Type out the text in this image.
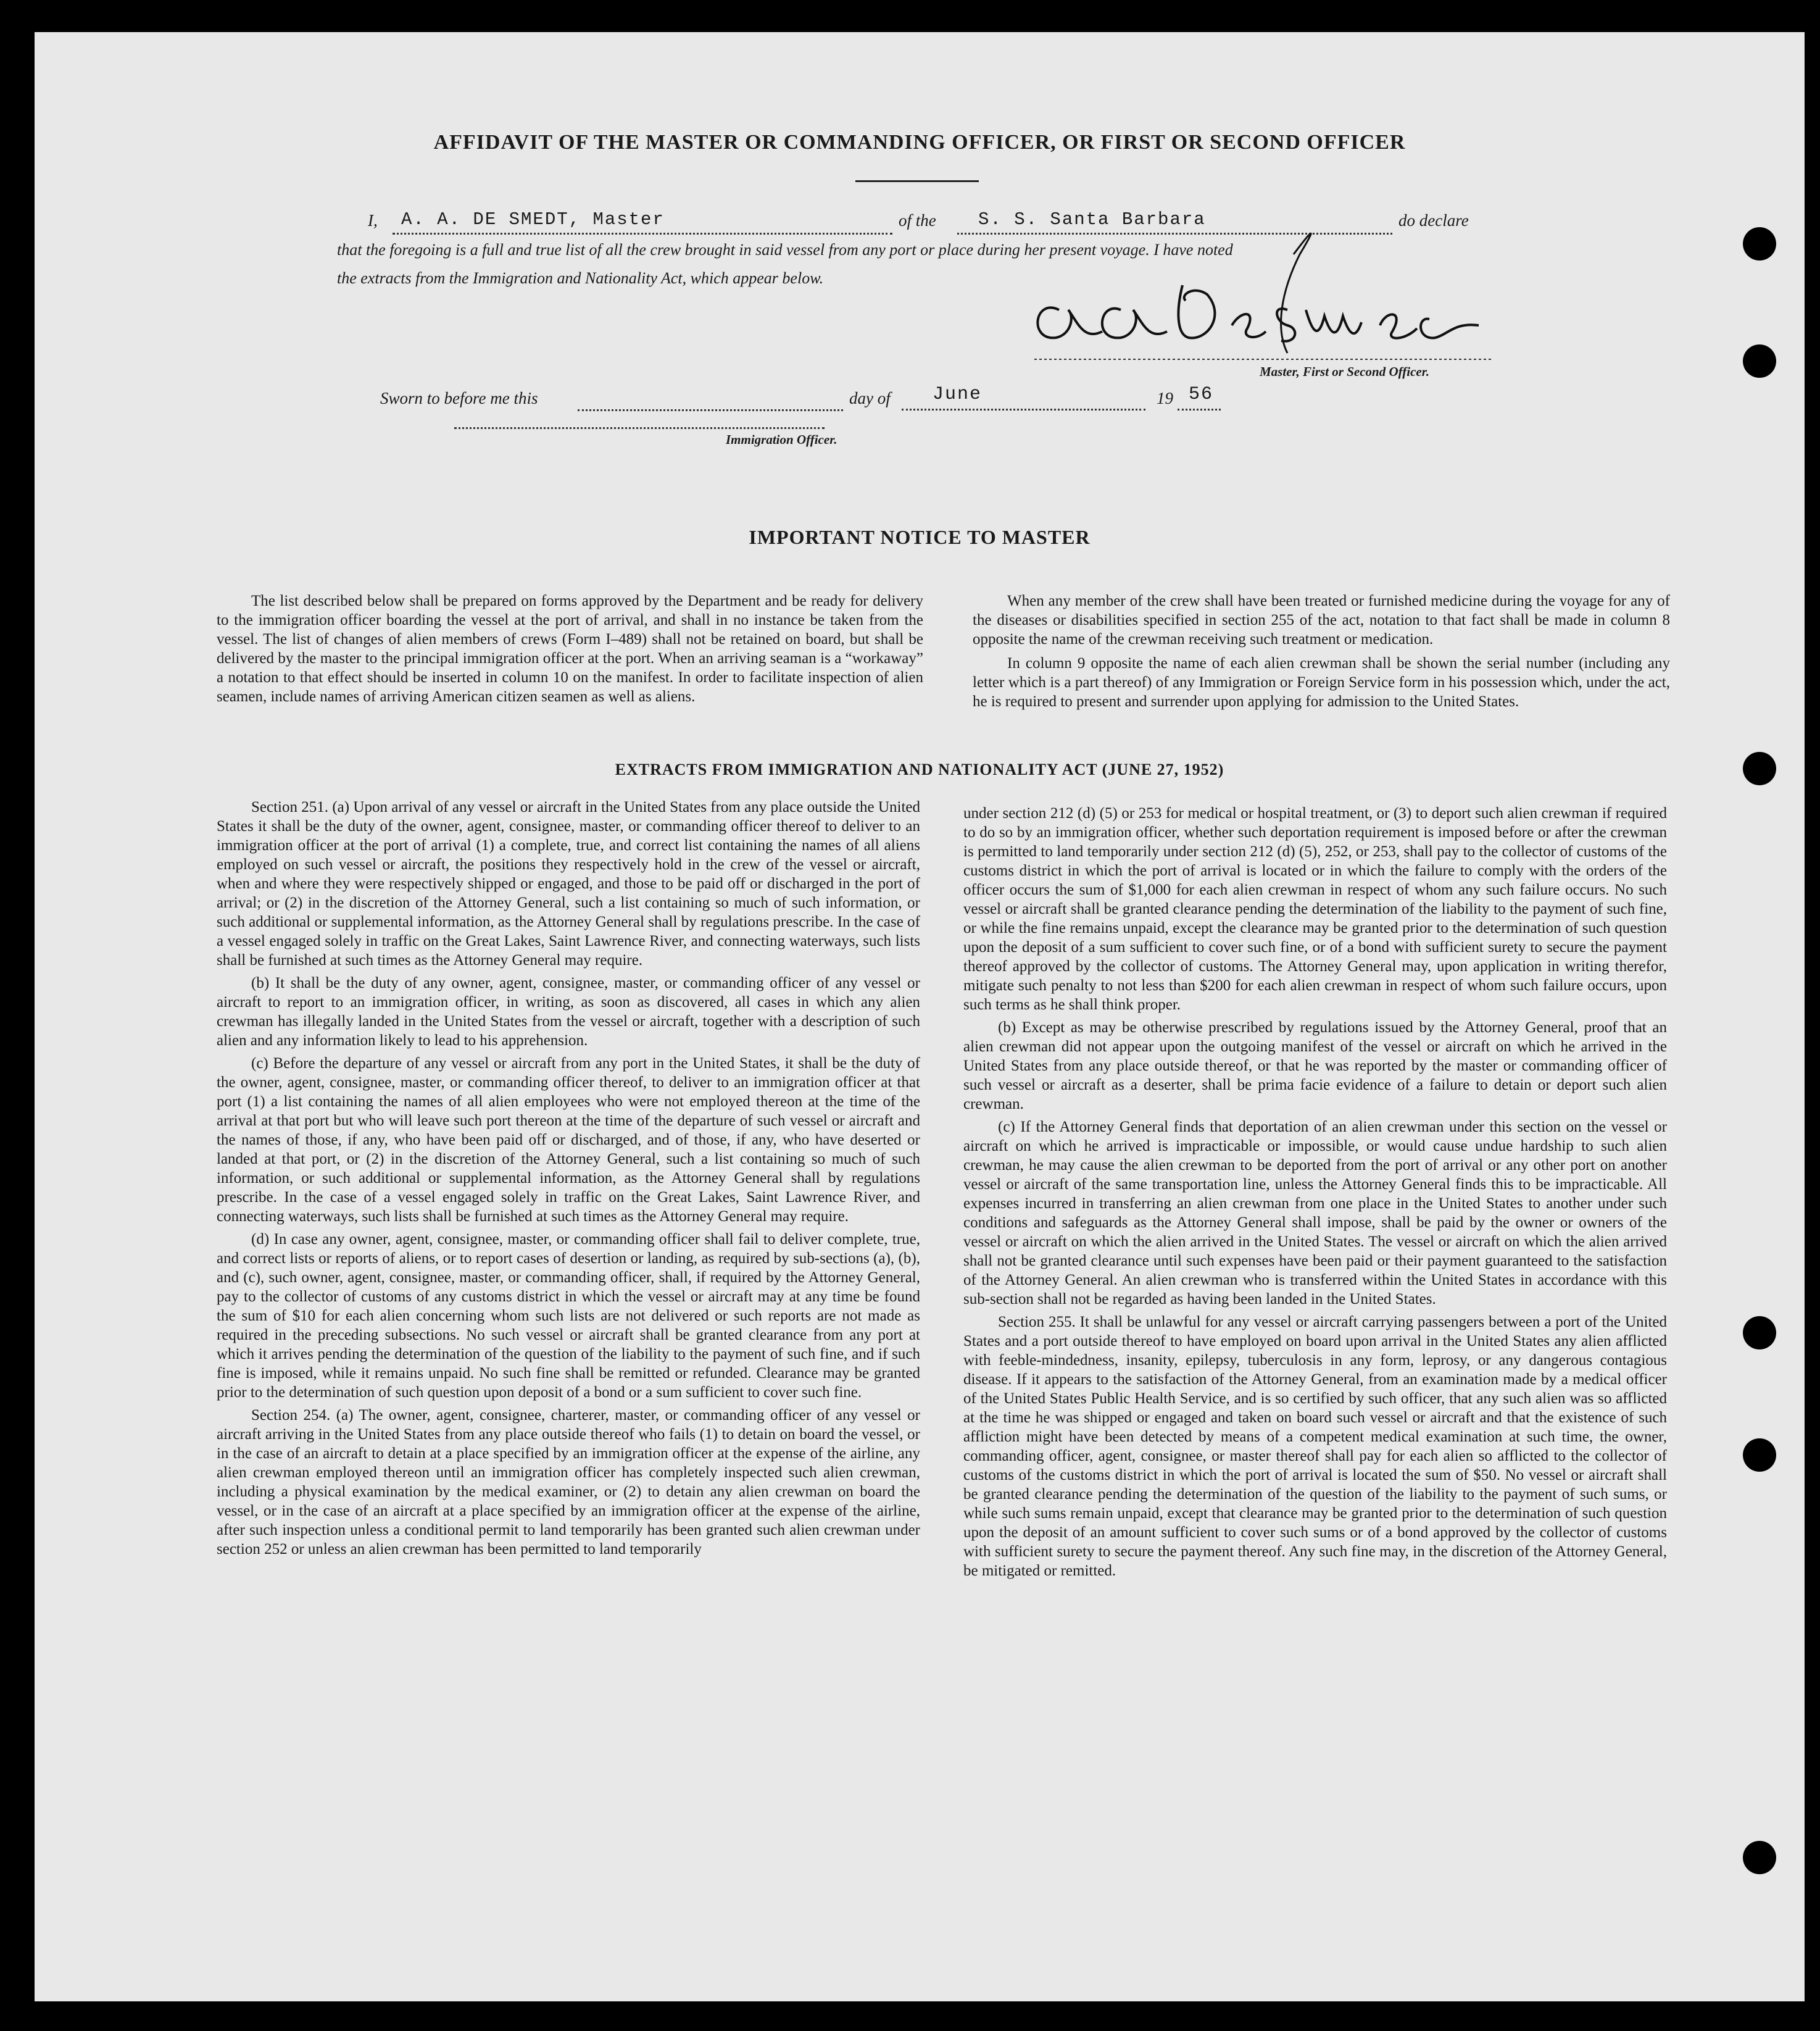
AFFIDAVIT OF THE MASTER OR COMMANDING OFFICER, OR FIRST OR SECOND OFFICER
I, A. A. DE SMEDT, Master	of the S. S. Santa Barbara	do declare
that the foregoing is a full and true list of all the crew brought in said vessel from any port or place during her present voyage. I have noted
the extracts from the Immigration and Nationality Act, which appear below.
Master, First or Second Officer.
Sworn to before me this	day of June	19 56
Immigration Officer.
IMPORTANT NOTICE TO MASTER

The list described below shall be prepared on forms approved by the Department and be ready for delivery to the immigration officer boarding the vessel at the port of arrival, and shall in no instance be taken from the vessel. The list of changes of alien members of crews (Form I–489) shall not be retained on board, but shall be delivered by the master to the principal immigration officer at the port. When an arriving seaman is a “workaway” a notation to that effect should be inserted in column 10 on the manifest. In order to facilitate inspection of alien seamen, include names of arriving American citizen seamen as well as aliens.

When any member of the crew shall have been treated or furnished medicine during the voyage for any of the diseases or disabilities specified in section 255 of the act, notation to that fact shall be made in column 8 opposite the name of the crewman receiving such treatment or medication.

In column 9 opposite the name of each alien crewman shall be shown the serial number (including any letter which is a part thereof) of any Immigration or Foreign Service form in his possession which, under the act, he is required to present and surrender upon applying for admission to the United States.

EXTRACTS FROM IMMIGRATION AND NATIONALITY ACT (JUNE 27, 1952)

Section 251. (a) Upon arrival of any vessel or aircraft in the United States from any place outside the United States it shall be the duty of the owner, agent, consignee, master, or commanding officer thereof to deliver to an immigration officer at the port of arrival (1) a complete, true, and correct list containing the names of all aliens employed on such vessel or aircraft, the positions they respectively hold in the crew of the vessel or aircraft, when and where they were respectively shipped or engaged, and those to be paid off or discharged in the port of arrival; or (2) in the discretion of the Attorney General, such a list containing so much of such information, or such additional or supplemental information, as the Attorney General shall by regulations prescribe. In the case of a vessel engaged solely in traffic on the Great Lakes, Saint Lawrence River, and connecting waterways, such lists shall be furnished at such times as the Attorney General may require.

(b) It shall be the duty of any owner, agent, consignee, master, or commanding officer of any vessel or aircraft to report to an immigration officer, in writing, as soon as discovered, all cases in which any alien crewman has illegally landed in the United States from the vessel or aircraft, together with a description of such alien and any information likely to lead to his apprehension.

(c) Before the departure of any vessel or aircraft from any port in the United States, it shall be the duty of the owner, agent, consignee, master, or commanding officer thereof, to deliver to an immigration officer at that port (1) a list containing the names of all alien employees who were not employed thereon at the time of the arrival at that port but who will leave such port thereon at the time of the departure of such vessel or aircraft and the names of those, if any, who have been paid off or discharged, and of those, if any, who have deserted or landed at that port, or (2) in the discretion of the Attorney General, such a list containing so much of such information, or such additional or supplemental information, as the Attorney General shall by regulations prescribe. In the case of a vessel engaged solely in traffic on the Great Lakes, Saint Lawrence River, and connecting waterways, such lists shall be furnished at such times as the Attorney General may require.

(d) In case any owner, agent, consignee, master, or commanding officer shall fail to deliver complete, true, and correct lists or reports of aliens, or to report cases of desertion or landing, as required by sub-sections (a), (b), and (c), such owner, agent, consignee, master, or commanding officer, shall, if required by the Attorney General, pay to the collector of customs of any customs district in which the vessel or aircraft may at any time be found the sum of $10 for each alien concerning whom such lists are not delivered or such reports are not made as required in the preceding subsections. No such vessel or aircraft shall be granted clearance from any port at which it arrives pending the determination of the question of the liability to the payment of such fine, and if such fine is imposed, while it remains unpaid. No such fine shall be remitted or refunded. Clearance may be granted prior to the determination of such question upon deposit of a bond or a sum sufficient to cover such fine.

Section 254. (a) The owner, agent, consignee, charterer, master, or commanding officer of any vessel or aircraft arriving in the United States from any place outside thereof who fails (1) to detain on board the vessel, or in the case of an aircraft to detain at a place specified by an immigration officer at the expense of the airline, any alien crewman employed thereon until an immigration officer has completely inspected such alien crewman, including a physical examination by the medical examiner, or (2) to detain any alien crewman on board the vessel, or in the case of an aircraft at a place specified by an immigration officer at the expense of the airline, after such inspection unless a conditional permit to land temporarily has been granted such alien crewman under section 252 or unless an alien crewman has been permitted to land temporarily

under section 212 (d) (5) or 253 for medical or hospital treatment, or (3) to deport such alien crewman if required to do so by an immigration officer, whether such deportation requirement is imposed before or after the crewman is permitted to land temporarily under section 212 (d) (5), 252, or 253, shall pay to the collector of customs of the customs district in which the port of arrival is located or in which the failure to comply with the orders of the officer occurs the sum of $1,000 for each alien crewman in respect of whom any such failure occurs. No such vessel or aircraft shall be granted clearance pending the determination of the liability to the payment of such fine, or while the fine remains unpaid, except the clearance may be granted prior to the determination of such question upon the deposit of a sum sufficient to cover such fine, or of a bond with sufficient surety to secure the payment thereof approved by the collector of customs. The Attorney General may, upon application in writing therefor, mitigate such penalty to not less than $200 for each alien crewman in respect of whom such failure occurs, upon such terms as he shall think proper.

(b) Except as may be otherwise prescribed by regulations issued by the Attorney General, proof that an alien crewman did not appear upon the outgoing manifest of the vessel or aircraft on which he arrived in the United States from any place outside thereof, or that he was reported by the master or commanding officer of such vessel or aircraft as a deserter, shall be prima facie evidence of a failure to detain or deport such alien crewman.

(c) If the Attorney General finds that deportation of an alien crewman under this section on the vessel or aircraft on which he arrived is impracticable or impossible, or would cause undue hardship to such alien crewman, he may cause the alien crewman to be deported from the port of arrival or any other port on another vessel or aircraft of the same transportation line, unless the Attorney General finds this to be impracticable. All expenses incurred in transferring an alien crewman from one place in the United States to another under such conditions and safeguards as the Attorney General shall impose, shall be paid by the owner or owners of the vessel or aircraft on which the alien arrived in the United States. The vessel or aircraft on which the alien arrived shall not be granted clearance until such expenses have been paid or their payment guaranteed to the satisfaction of the Attorney General. An alien crewman who is transferred within the United States in accordance with this sub-section shall not be regarded as having been landed in the United States.

Section 255. It shall be unlawful for any vessel or aircraft carrying passengers between a port of the United States and a port outside thereof to have employed on board upon arrival in the United States any alien afflicted with feeble-mindedness, insanity, epilepsy, tuberculosis in any form, leprosy, or any dangerous contagious disease. If it appears to the satisfaction of the Attorney General, from an examination made by a medical officer of the United States Public Health Service, and is so certified by such officer, that any such alien was so afflicted at the time he was shipped or engaged and taken on board such vessel or aircraft and that the existence of such affliction might have been detected by means of a competent medical examination at such time, the owner, commanding officer, agent, consignee, or master thereof shall pay for each alien so afflicted to the collector of customs of the customs district in which the port of arrival is located the sum of $50. No vessel or aircraft shall be granted clearance pending the determination of the question of the liability to the payment of such sums, or while such sums remain unpaid, except that clearance may be granted prior to the determination of such question upon the deposit of an amount sufficient to cover such sums or of a bond approved by the collector of customs with sufficient surety to secure the payment thereof. Any such fine may, in the discretion of the Attorney General, be mitigated or remitted.
